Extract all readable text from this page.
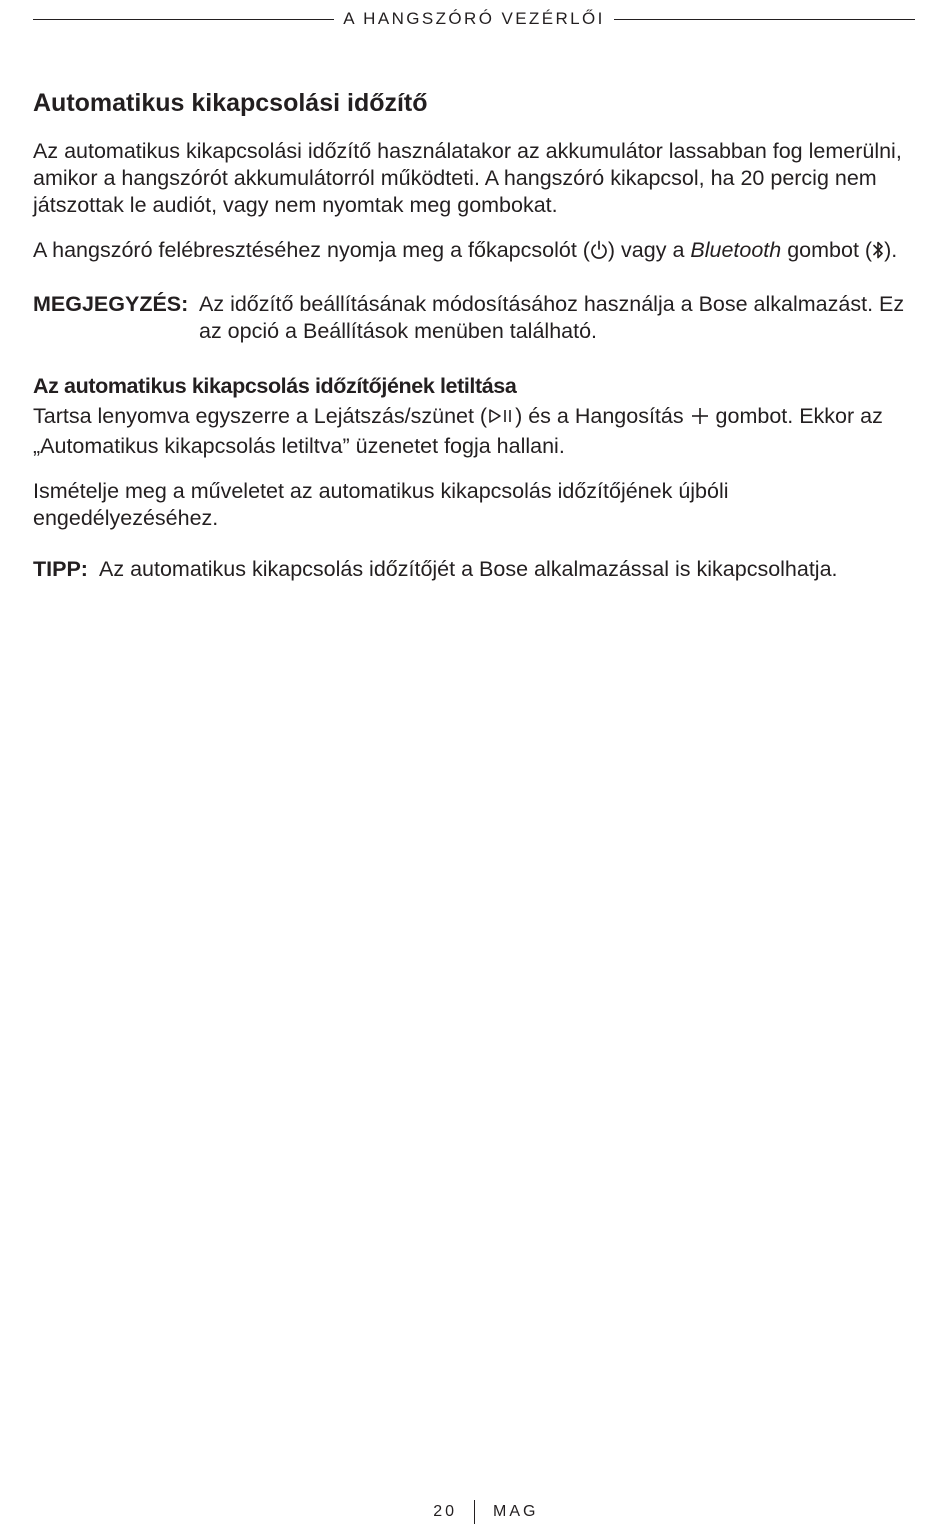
A HANGSZÓRÓ VEZÉRLŐI
Automatikus kikapcsolási időzítő

Az automatikus kikapcsolási időzítő használatakor az akkumulátor lassabban fog lemerülni, amikor a hangszórót akkumulátorról működteti. A hangszóró kikapcsol, ha 20 percig nem játszottak le audiót, vagy nem nyomtak meg gombokat.

A hangszóró felébresztéséhez nyomja meg a főkapcsolót ( ) vagy a Bluetooth gombot ( ).

MEGJEGYZÉS: Az időzítő beállításának módosításához használja a Bose alkalmazást. Ez az opció a Beállítások menüben található.
Az automatikus kikapcsolás időzítőjének letiltása

Tartsa lenyomva egyszerre a Lejátszás/szünet ( ) és a Hangosítás  gombot. Ekkor az „Automatikus kikapcsolás letiltva” üzenetet fogja hallani.

Ismételje meg a műveletet az automatikus kikapcsolás időzítőjének újbóli engedélyezéséhez.

TIPP: Az automatikus kikapcsolás időzítőjét a Bose alkalmazással is kikapcsolhatja.
20 MAG
